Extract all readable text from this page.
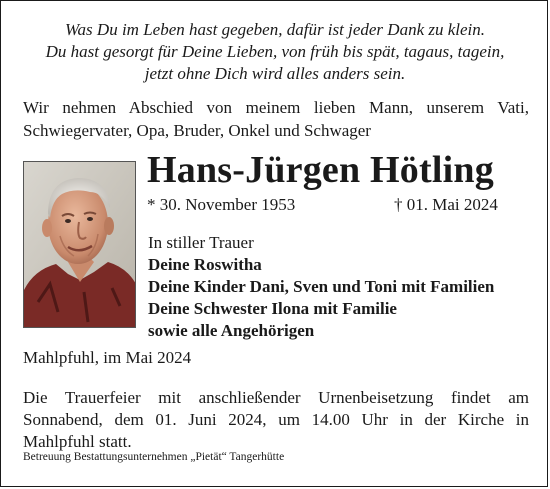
Was Du im Leben hast gegeben, dafür ist jeder Dank zu klein.
Du hast gesorgt für Deine Lieben, von früh bis spät, tagaus, tagein,
jetzt ohne Dich wird alles anders sein.
Wir nehmen Abschied von meinem lieben Mann, unserem Vati,
Schwiegervater, Opa, Bruder, Onkel und Schwager
Hans-Jürgen Hötling
* 30. November 1953	† 01. Mai 2024
In stiller Trauer
Deine Roswitha
Deine Kinder Dani, Sven und Toni mit Familien
Deine Schwester Ilona mit Familie
sowie alle Angehörigen
Mahlpfuhl, im Mai 2024
Die Trauerfeier mit anschließender Urnenbeisetzung findet am
Sonnabend, dem 01. Juni 2024, um 14.00 Uhr in der Kirche in
Mahlpfuhl statt.
Betreuung Bestattungsunternehmen „Pietät“ Tangerhütte
